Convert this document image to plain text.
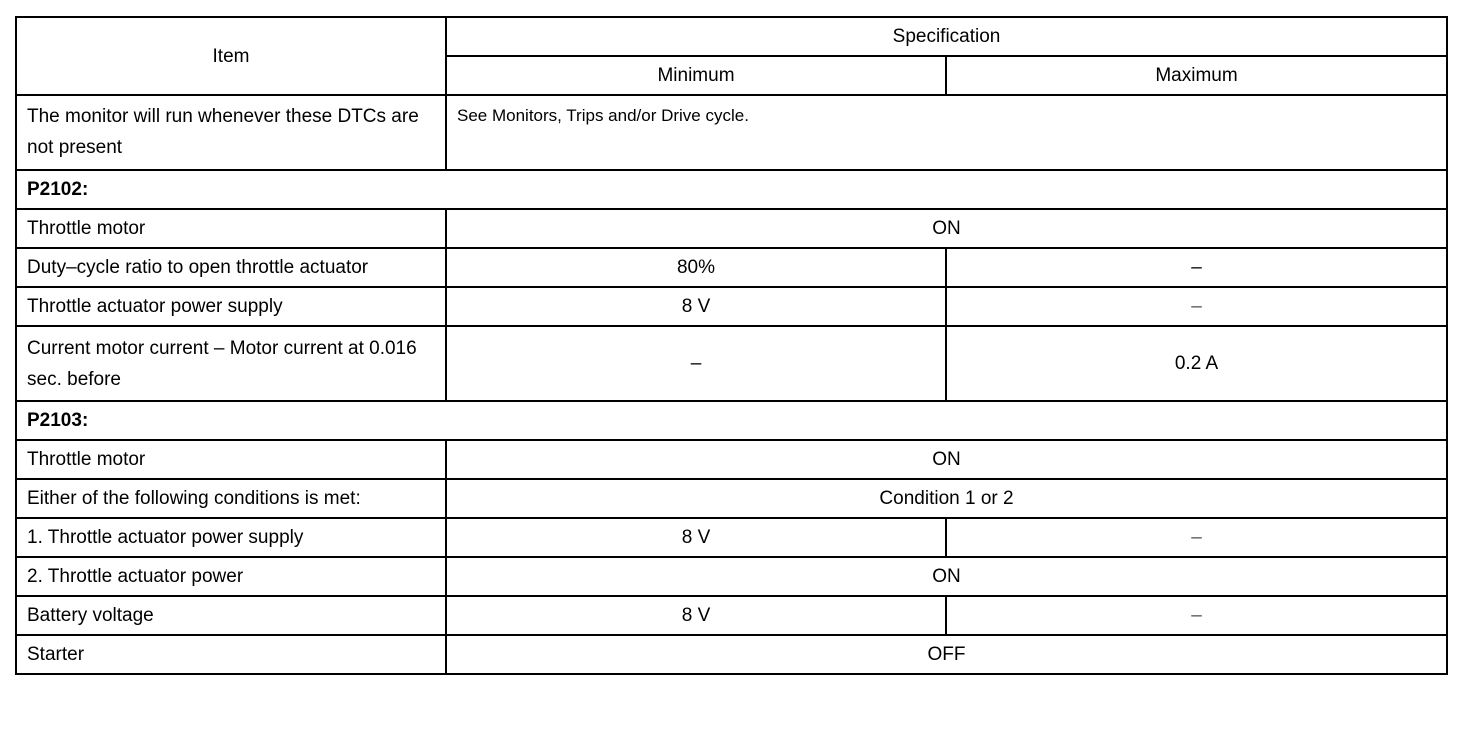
Item	Specification	
	Minimum	Maximum
The monitor will run whenever these DTCs are not present	See Monitors, Trips and/or Drive cycle.	
P2102:		
Throttle motor	ON	
Duty–cycle ratio to open throttle actuator	80%	–
Throttle actuator power supply	8 V	–
Current motor current – Motor current at 0.016 sec. before	–	0.2 A
P2103:		
Throttle motor	ON	
Either of the following conditions is met:	Condition 1 or 2	
1. Throttle actuator power supply	8 V	–
2. Throttle actuator power	ON	
Battery voltage	8 V	–
Starter	OFF	
